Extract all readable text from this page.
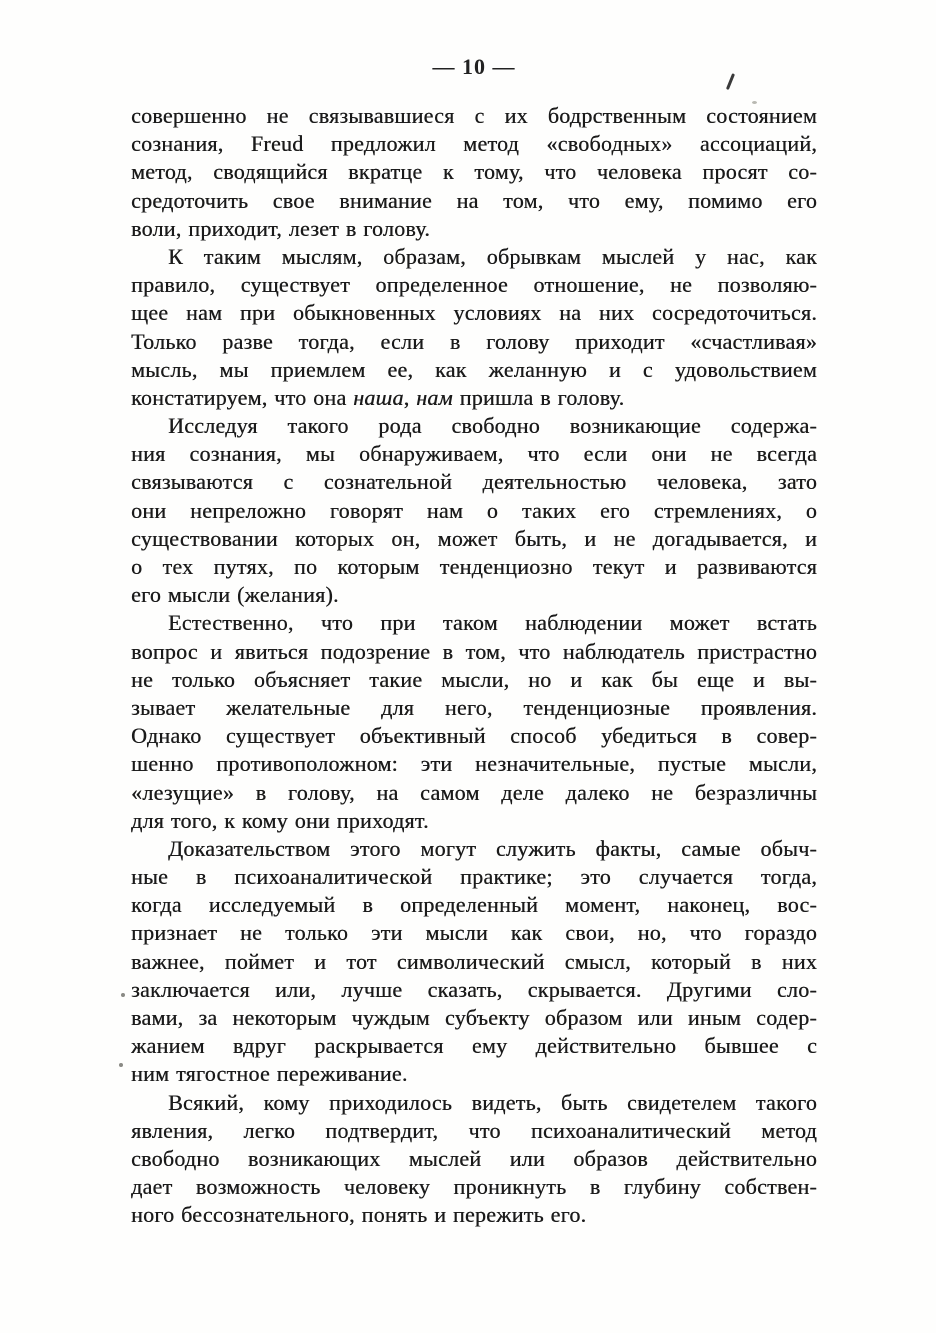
— 10 —
совершенно не связывавшиеся с их бодрственным состоянием
сознания, Freud предложил метод «свободных» ассоциаций,
метод, сводящийся вкратце к тому, что человека просят со-
средоточить свое внимание на том, что ему, помимо его
воли, приходит, лезет в голову.
К таким мыслям, образам, обрывкам мыслей у нас, как
правило, существует определенное отношение, не позволяю-
щее нам при обыкновенных условиях на них сосредоточиться.
Только разве тогда, если в голову приходит «счастливая»
мысль, мы приемлем ее, как желанную и с удовольствием
констатируем, что она наша, нам пришла в голову.
Исследуя такого рода свободно возникающие содержа-
ния сознания, мы обнаруживаем, что если они не всегда
связываются с сознательной деятельностью человека, зато
они непреложно говорят нам о таких его стремлениях, о
существовании которых он, может быть, и не догадывается, и
о тех путях, по которым тенденциозно текут и развиваются
его мысли (желания).
Естественно, что при таком наблюдении может встать
вопрос и явиться подозрение в том, что наблюдатель пристрастно
не только объясняет такие мысли, но и как бы еще и вы-
зывает желательные для него, тенденциозные проявления.
Однако существует объективный способ убедиться в совер-
шенно противоположном: эти незначительные, пустые мысли,
«лезущие» в голову, на самом деле далеко не безразличны
для того, к кому они приходят.
Доказательством этого могут служить факты, самые обыч-
ные в психоаналитической практике; это случается тогда,
когда исследуемый в определенный момент, наконец, вос-
признает не только эти мысли как свои, но, что гораздо
важнее, поймет и тот символический смысл, который в них
заключается или, лучше сказать, скрывается. Другими сло-
вами, за некоторым чуждым субъекту образом или иным содер-
жанием вдруг раскрывается ему действительно бывшее с
ним тягостное переживание.
Всякий, кому приходилось видеть, быть свидетелем такого
явления, легко подтвердит, что психоаналитический метод
свободно возникающих мыслей или образов действительно
дает возможность человеку проникнуть в глубину собствен-
ного бессознательного, понять и пережить его.
